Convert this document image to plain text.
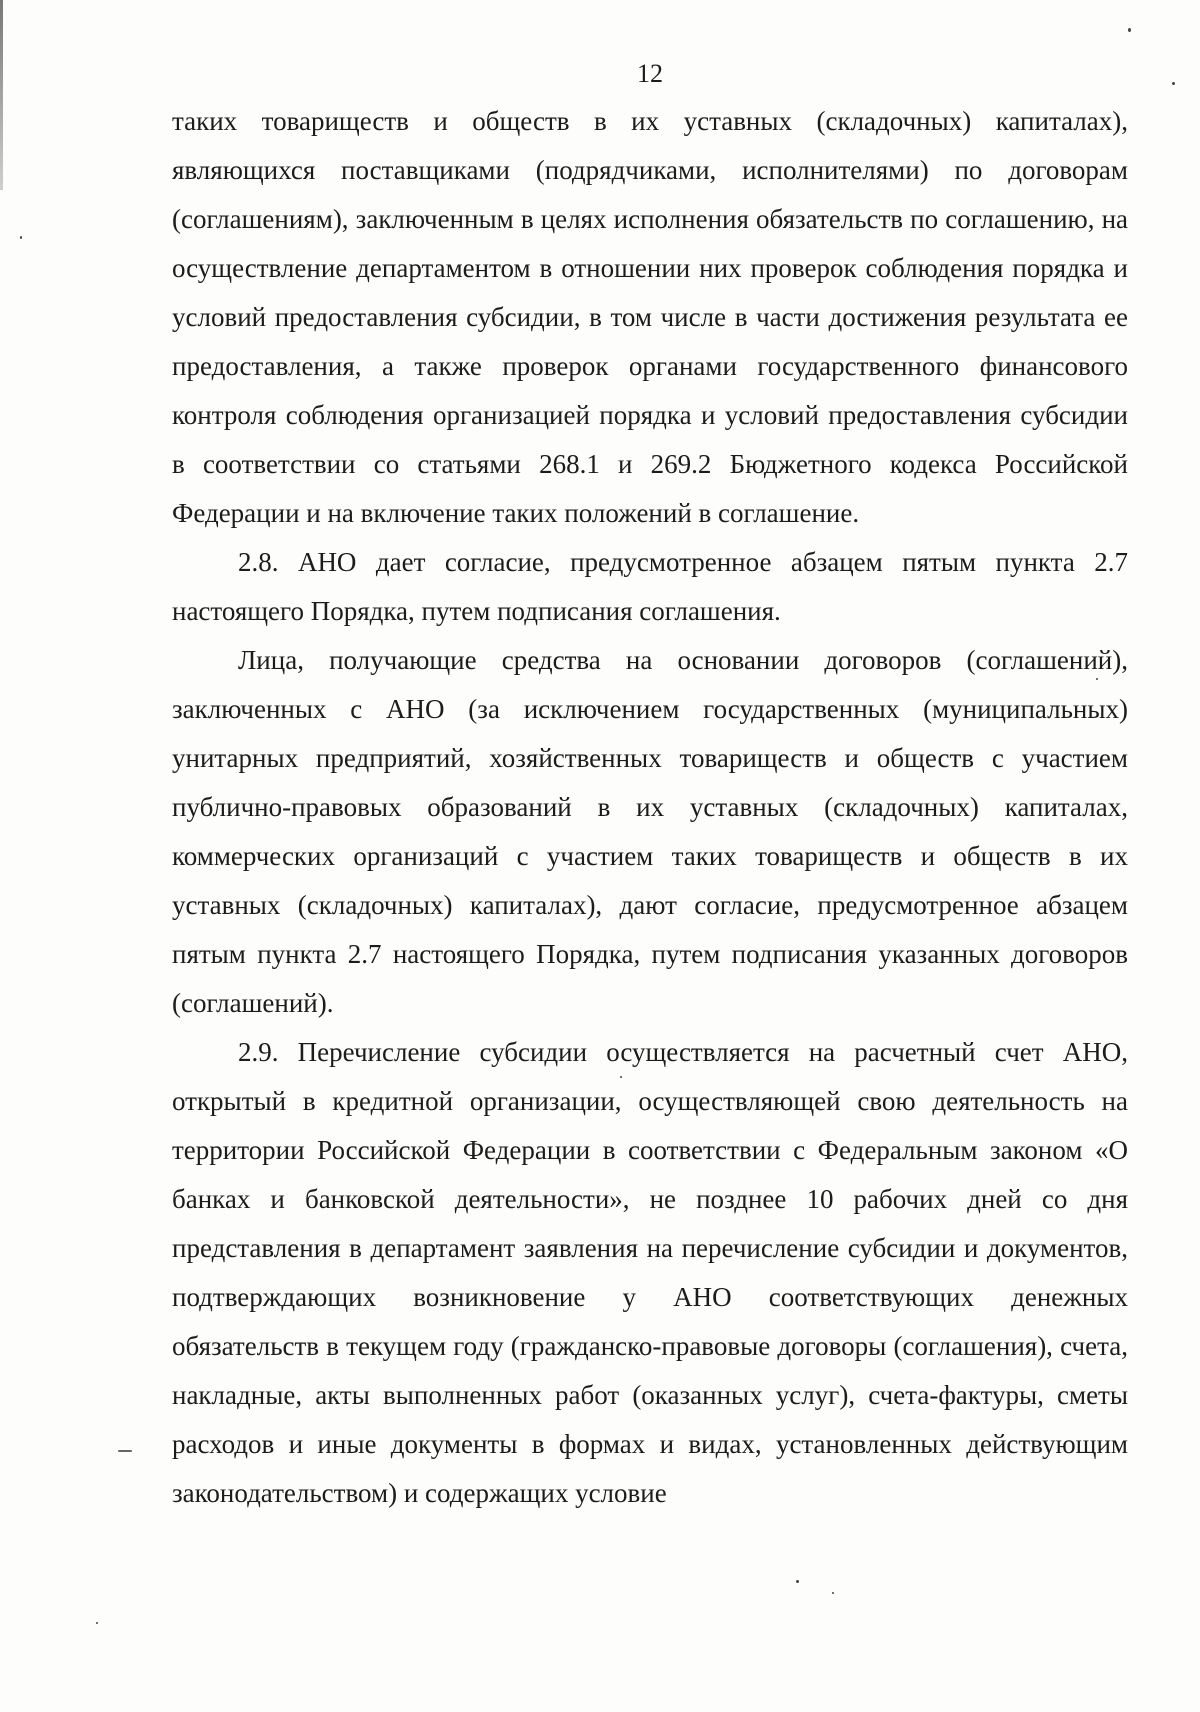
12

таких товариществ и обществ в их уставных (складочных) капиталах), являющихся поставщиками (подрядчиками, исполнителями) по договорам (соглашениям), заключенным в целях исполнения обязательств по соглашению, на осуществление департаментом в отношении них проверок соблюдения порядка и условий предоставления субсидии, в том числе в части достижения результата ее предоставления, а также проверок органами государственного финансового контроля соблюдения организацией порядка и условий предоставления субсидии в соответствии со статьями 268.1 и 269.2 Бюджетного кодекса Российской Федерации и на включение таких положений в соглашение.

2.8. АНО дает согласие, предусмотренное абзацем пятым пункта 2.7 настоящего Порядка, путем подписания соглашения.

Лица, получающие средства на основании договоров (соглашений), заключенных с АНО (за исключением государственных (муниципальных) унитарных предприятий, хозяйственных товариществ и обществ с участием публично-правовых образований в их уставных (складочных) капиталах, коммерческих организаций с участием таких товариществ и обществ в их уставных (складочных) капиталах), дают согласие, предусмотренное абзацем пятым пункта 2.7 настоящего Порядка, путем подписания указанных договоров (соглашений).

2.9. Перечисление субсидии осуществляется на расчетный счет АНО, открытый в кредитной организации, осуществляющей свою деятельность на территории Российской Федерации в соответствии с Федеральным законом «О банках и банковской деятельности», не позднее 10 рабочих дней со дня представления в департамент заявления на перечисление субсидии и документов, подтверждающих возникновение у АНО соответствующих денежных обязательств в текущем году (гражданско-правовые договоры (соглашения), счета, накладные, акты выполненных работ (оказанных услуг), счета-фактуры, сметы расходов и иные документы в формах и видах, установленных действующим законодательством) и содержащих условие
